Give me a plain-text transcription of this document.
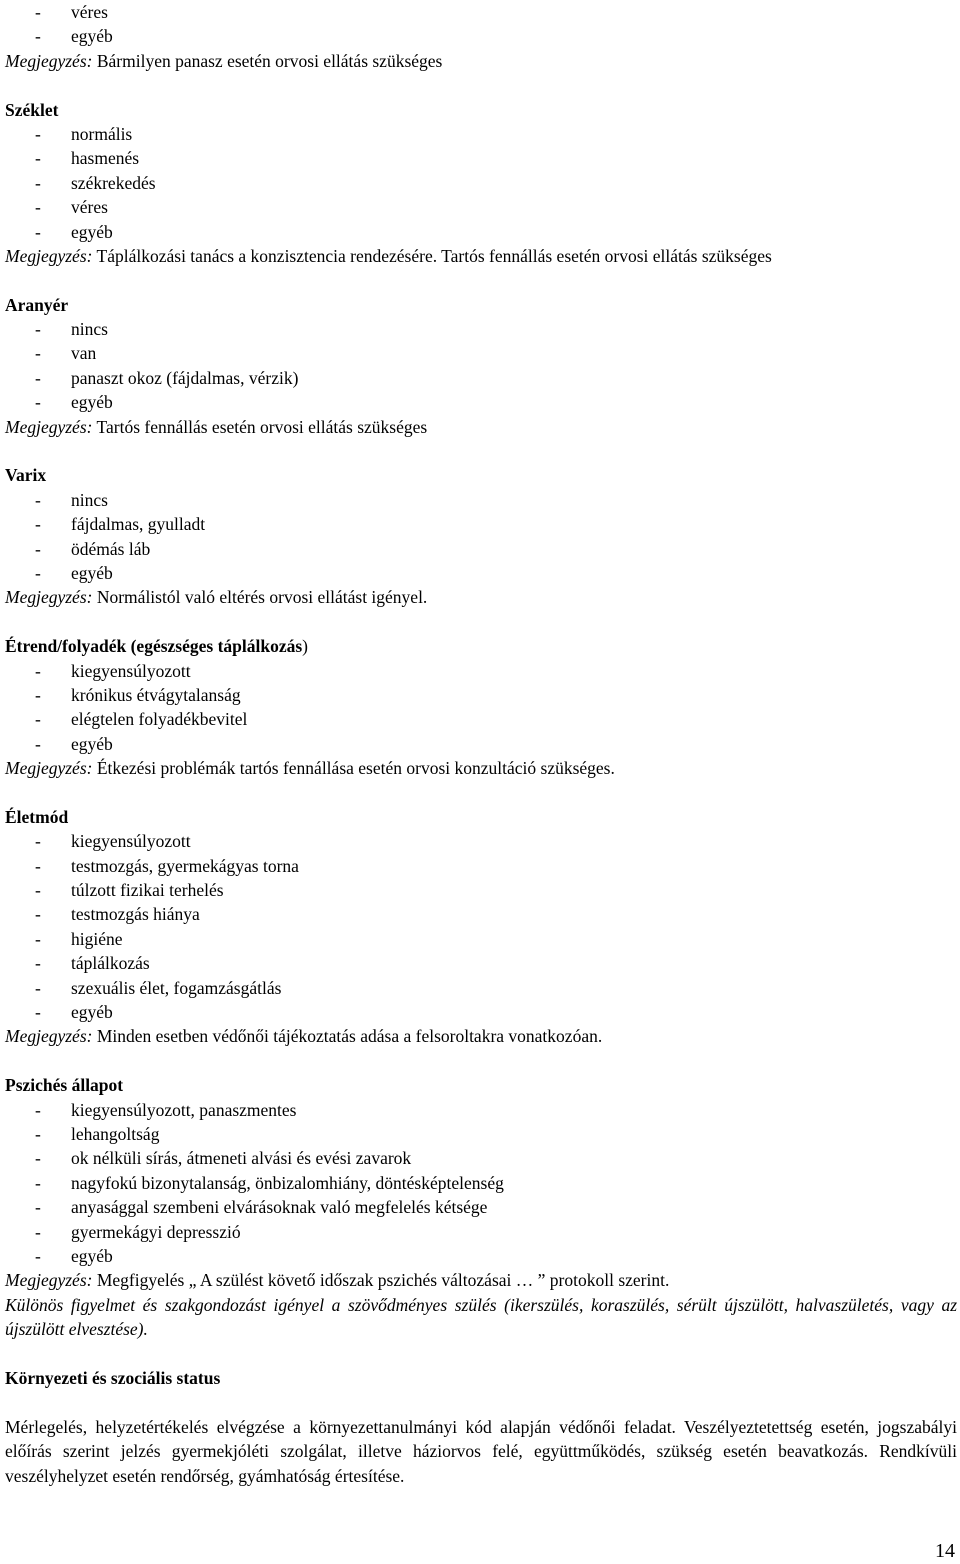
-véres
-egyéb
Megjegyzés: Bármilyen panasz esetén orvosi ellátás szükséges
Széklet
-normális
-hasmenés
-székrekedés
-véres
-egyéb
Megjegyzés: Táplálkozási tanács a konzisztencia rendezésére. Tartós fennállás esetén orvosi ellátás szükséges
Aranyér
-nincs
-van
-panaszt okoz (fájdalmas, vérzik)
-egyéb
Megjegyzés: Tartós fennállás esetén orvosi ellátás szükséges
Varix
-nincs
-fájdalmas, gyulladt
-ödémás láb
-egyéb
Megjegyzés: Normálistól való eltérés orvosi ellátást igényel.
Étrend/folyadék (egészséges táplálkozás)
-kiegyensúlyozott
-krónikus étvágytalanság
-elégtelen folyadékbevitel
-egyéb
Megjegyzés: Étkezési problémák tartós fennállása esetén orvosi konzultáció szükséges.
Életmód
-kiegyensúlyozott
-testmozgás, gyermekágyas torna
-túlzott fizikai terhelés
-testmozgás hiánya
-higiéne
-táplálkozás
-szexuális élet, fogamzásgátlás
-egyéb
Megjegyzés: Minden esetben védőnői tájékoztatás adása a felsoroltakra vonatkozóan.
Pszichés állapot
-kiegyensúlyozott, panaszmentes
-lehangoltság
-ok nélküli sírás, átmeneti alvási és evési zavarok
-nagyfokú bizonytalanság, önbizalomhiány, döntésképtelenség
-anyasággal szembeni elvárásoknak való megfelelés kétsége
-gyermekágyi depresszió
-egyéb
Megjegyzés: Megfigyelés „ A szülést követő időszak pszichés változásai … ” protokoll szerint.
Különös figyelmet és szakgondozást igényel a szövődményes szülés (ikerszülés, koraszülés, sérült újszülött, halvaszületés, vagy az újszülött elvesztése).
Környezeti és szociális status
Mérlegelés, helyzetértékelés elvégzése a környezettanulmányi kód alapján védőnői feladat. Veszélyeztetettség esetén, jogszabályi előírás szerint jelzés gyermekjóléti szolgálat, illetve háziorvos felé, együttműködés, szükség esetén beavatkozás. Rendkívüli veszélyhelyzet esetén rendőrség, gyámhatóság értesítése.
14
